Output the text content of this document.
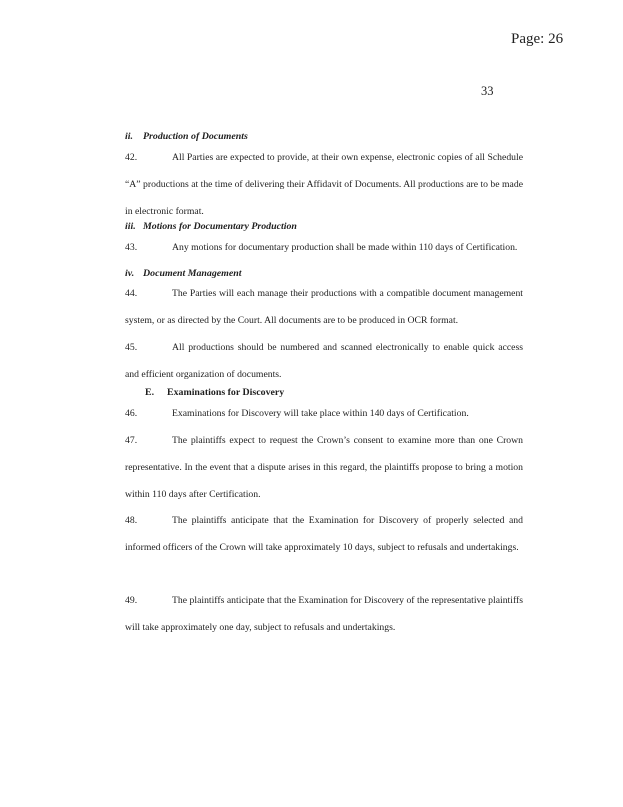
Page: 26
33
ii. Production of Documents
42.	All Parties are expected to provide, at their own expense, electronic copies of all Schedule “A” productions at the time of delivering their Affidavit of Documents. All productions are to be made in electronic format.
iii. Motions for Documentary Production
43.	Any motions for documentary production shall be made within 110 days of Certification.
iv. Document Management
44.	The Parties will each manage their productions with a compatible document management system, or as directed by the Court. All documents are to be produced in OCR format.
45.	All productions should be numbered and scanned electronically to enable quick access and efficient organization of documents.
E. Examinations for Discovery
46.	Examinations for Discovery will take place within 140 days of Certification.
47.	The plaintiffs expect to request the Crown’s consent to examine more than one Crown representative. In the event that a dispute arises in this regard, the plaintiffs propose to bring a motion within 110 days after Certification.
48.	The plaintiffs anticipate that the Examination for Discovery of properly selected and informed officers of the Crown will take approximately 10 days, subject to refusals and undertakings.
49.	The plaintiffs anticipate that the Examination for Discovery of the representative plaintiffs will take approximately one day, subject to refusals and undertakings.
